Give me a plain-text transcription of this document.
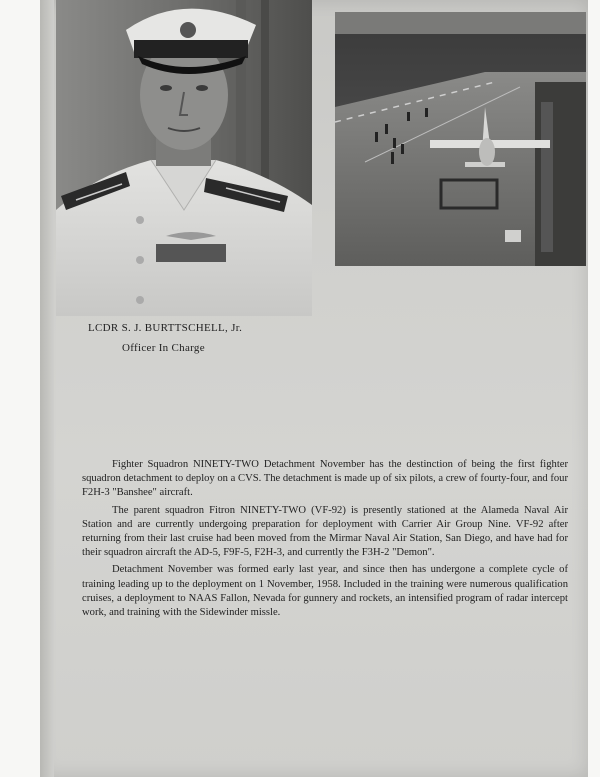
LCDR S. J. BURTTSCHELL, Jr.
Officer In Charge

Fighter Squadron NINETY-TWO Detachment November has the destinction of being the first fighter squadron detachment to deploy on a CVS. The detachment is made up of six pilots, a crew of fourty-four, and four F2H-3 "Banshee" aircraft.

The parent squadron Fitron NINETY-TWO (VF-92) is presently stationed at the Alameda Naval Air Station and are currently undergoing preparation for deployment with Carrier Air Group Nine. VF-92 after returning from their last cruise had been moved from the Mirmar Naval Air Station, San Diego, and have had for their squadron aircraft the AD-5, F9F-5, F2H-3, and currently the F3H-2 "Demon".

Detachment November was formed early last year, and since then has undergone a complete cycle of training leading up to the deployment on 1 November, 1958. Included in the training were numerous qualification cruises, a deployment to NAAS Fallon, Nevada for gunnery and rockets, an intensified program of radar intercept work, and training with the Sidewinder missle.
